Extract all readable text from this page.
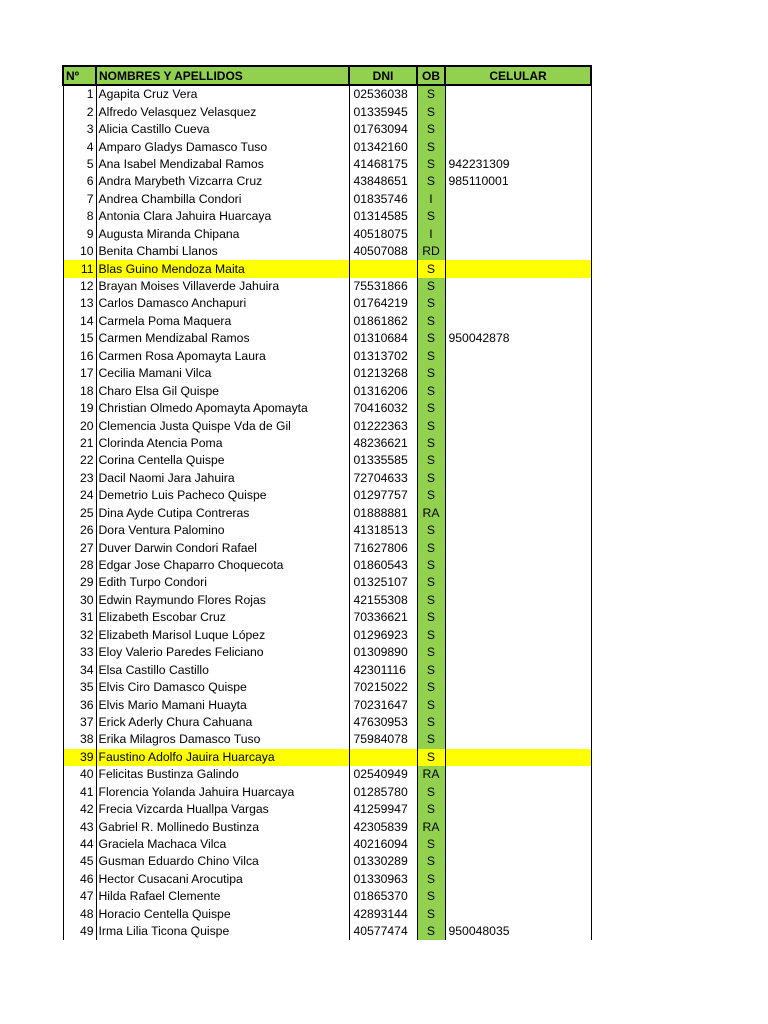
Nº	NOMBRES Y APELLIDOS	DNI	OB	CELULAR
1	Agapita Cruz Vera	02536038	S	
2	Alfredo Velasquez Velasquez	01335945	S	
3	Alicia Castillo Cueva	01763094	S	
4	Amparo Gladys Damasco Tuso	01342160	S	
5	Ana Isabel Mendizabal Ramos	41468175	S	942231309
6	Andra Marybeth Vizcarra Cruz	43848651	S	985110001
7	Andrea Chambilla Condori	01835746	I	
8	Antonia Clara Jahuira Huarcaya	01314585	S	
9	Augusta Miranda Chipana	40518075	I	
10	Benita Chambi Llanos	40507088	RD	
11	Blas Guino Mendoza Maita		S	
12	Brayan Moises Villaverde Jahuira	75531866	S	
13	Carlos Damasco Anchapuri	01764219	S	
14	Carmela Poma Maquera	01861862	S	
15	Carmen Mendizabal Ramos	01310684	S	950042878
16	Carmen Rosa Apomayta Laura	01313702	S	
17	Cecilia Mamani Vilca	01213268	S	
18	Charo Elsa Gil Quispe	01316206	S	
19	Christian Olmedo Apomayta Apomayta	70416032	S	
20	Clemencia Justa Quispe Vda de Gil	01222363	S	
21	Clorinda Atencia Poma	48236621	S	
22	Corina Centella Quispe	01335585	S	
23	Dacil Naomi Jara Jahuira	72704633	S	
24	Demetrio Luis Pacheco Quispe	01297757	S	
25	Dina Ayde Cutipa Contreras	01888881	RA	
26	Dora Ventura Palomino	41318513	S	
27	Duver Darwin Condori Rafael	71627806	S	
28	Edgar Jose Chaparro Choquecota	01860543	S	
29	Edith Turpo Condori	01325107	S	
30	Edwin Raymundo Flores Rojas	42155308	S	
31	Elizabeth Escobar Cruz	70336621	S	
32	Elizabeth Marisol Luque López	01296923	S	
33	Eloy Valerio Paredes Feliciano	01309890	S	
34	Elsa Castillo Castillo	42301116	S	
35	Elvis Ciro Damasco Quispe	70215022	S	
36	Elvis Mario Mamani Huayta	70231647	S	
37	Erick Aderly Chura Cahuana	47630953	S	
38	Erika Milagros Damasco Tuso	75984078	S	
39	Faustino Adolfo Jauira Huarcaya		S	
40	Felicitas Bustinza Galindo	02540949	RA	
41	Florencia Yolanda Jahuira Huarcaya	01285780	S	
42	Frecia Vizcarda Huallpa Vargas	41259947	S	
43	Gabriel R. Mollinedo Bustinza	42305839	RA	
44	Graciela Machaca Vilca	40216094	S	
45	Gusman Eduardo Chino Vilca	01330289	S	
46	Hector Cusacani Arocutipa	01330963	S	
47	Hilda Rafael Clemente	01865370	S	
48	Horacio Centella Quispe	42893144	S	
49	Irma Lilia Ticona Quispe	40577474	S	950048035
